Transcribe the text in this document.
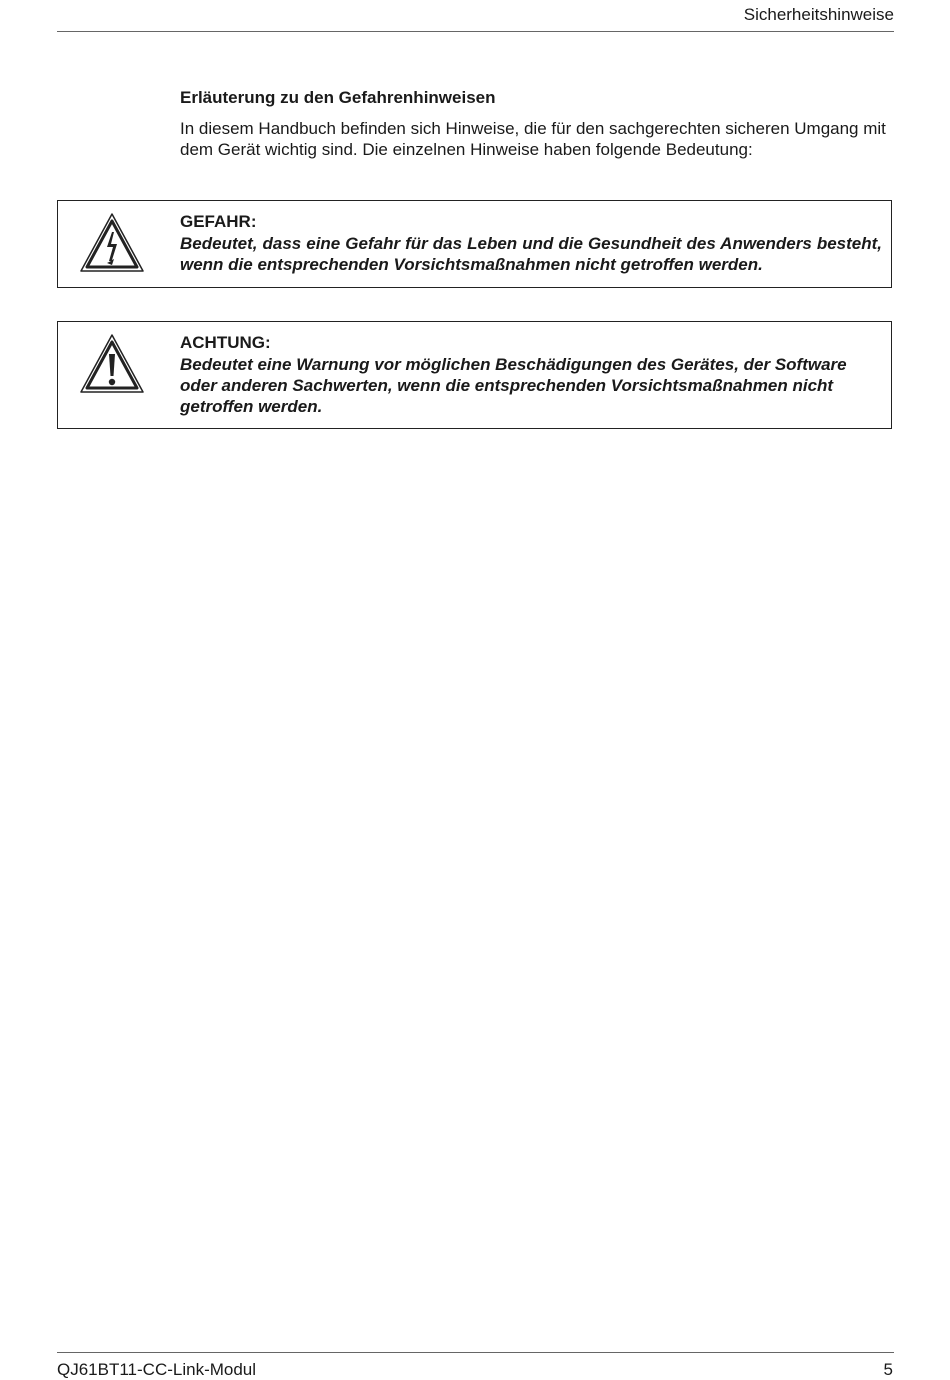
Sicherheitshinweise
Erläuterung zu den Gefahrenhinweisen
In diesem Handbuch befinden sich Hinweise, die für den sachgerechten sicheren Umgang mit dem Gerät wichtig sind. Die einzelnen Hinweise haben folgende Bedeutung:
GEFAHR:
Bedeutet, dass eine Gefahr für das Leben und die Gesundheit des Anwenders besteht, wenn die entsprechenden Vorsichtsmaßnahmen nicht getroffen werden.
ACHTUNG:
Bedeutet eine Warnung vor möglichen Beschädigungen des Gerätes, der Software oder anderen Sachwerten, wenn die entsprechenden Vorsichtsmaßnahmen nicht getroffen werden.
QJ61BT11-CC-Link-Modul	5
